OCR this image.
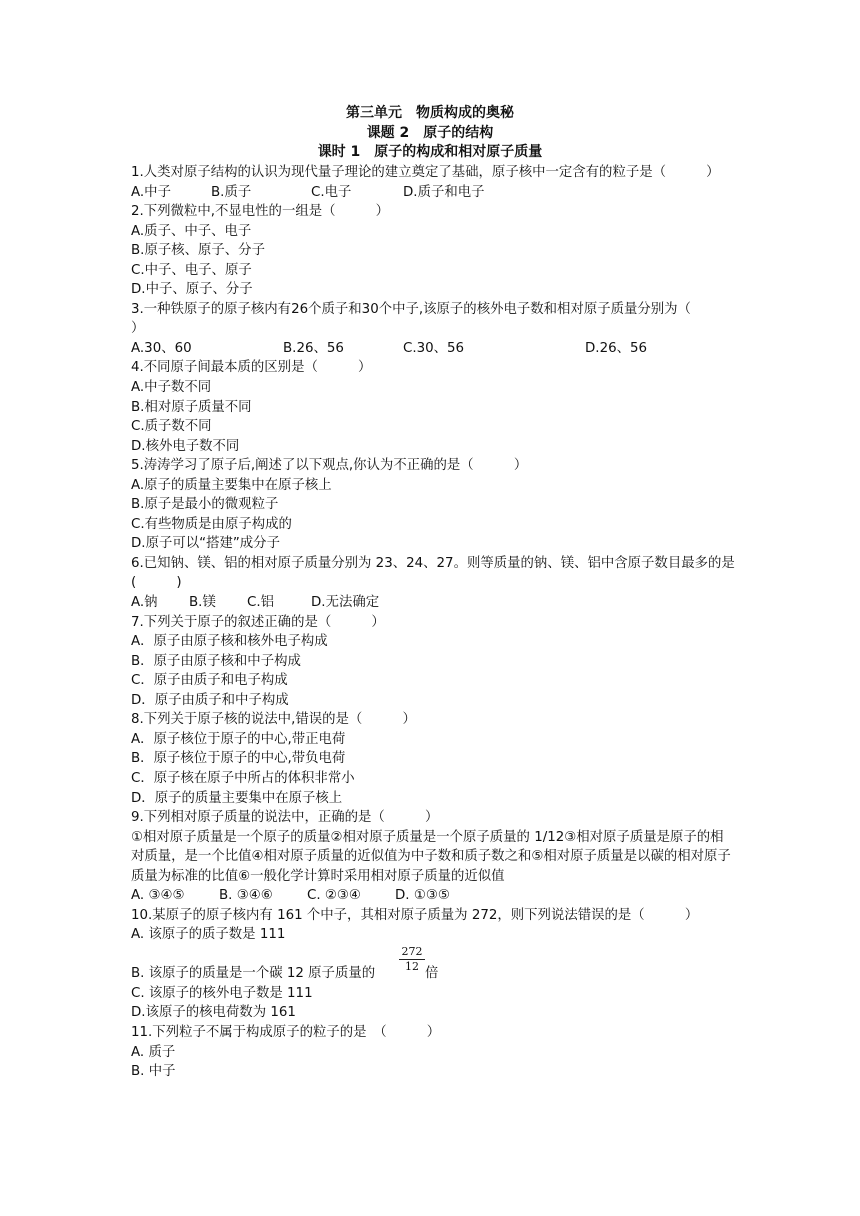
第三单元　物质构成的奥秘
课题 2　原子的结构
课时 1　原子的构成和相对原子质量
1.人类对原子结构的认识为现代量子理论的建立奠定了基础，原子核中一定含有的粒子是（　　　）
A.中子	B.质子	C.电子	D.质子和电子
2.下列微粒中,不显电性的一组是（　　　）
A.质子、中子、电子
B.原子核、原子、分子
C.中子、电子、原子
D.中子、原子、分子
3.一种铁原子的原子核内有26个质子和30个中子,该原子的核外电子数和相对原子质量分别为（　　　）
A.30、60	B.26、56	C.30、56	D.26、56
4.不同原子间最本质的区别是（　　　）
A.中子数不同
B.相对原子质量不同
C.质子数不同
D.核外电子数不同
5.涛涛学习了原子后,阐述了以下观点,你认为不正确的是（　　　）
A.原子的质量主要集中在原子核上
B.原子是最小的微观粒子
C.有些物质是由原子构成的
D.原子可以“搭建”成分子
6.已知钠、镁、铝的相对原子质量分别为 23、24、27。则等质量的钠、镁、铝中含原子数目最多的是(　　　)
A.钠 B.镁 C.铝	D.无法确定
7.下列关于原子的叙述正确的是（　　　）
A．原子由原子核和核外电子构成
B．原子由原子核和中子构成
C．原子由质子和电子构成
D．原子由质子和中子构成
8.下列关于原子核的说法中,错误的是（　　　）
A．原子核位于原子的中心,带正电荷
B．原子核位于原子的中心,带负电荷
C．原子核在原子中所占的体积非常小
D．原子的质量主要集中在原子核上
9.下列相对原子质量的说法中，正确的是（　　　）
①相对原子质量是一个原子的质量②相对原子质量是一个原子质量的 1/12③相对原子质量是原子的相对质量，是一个比值④相对原子质量的近似值为中子数和质子数之和⑤相对原子质量是以碳的相对原子质量为标准的比值⑥一般化学计算时采用相对原子质量的近似值
A. ③④⑤	B. ③④⑥	C. ②③④	D. ①③⑤
10.某原子的原子核内有 161 个中子，其相对原子质量为 272，则下列说法错误的是（　　　）
A. 该原子的质子数是 111
B. 该原子的质量是一个碳 12 原子质量的 $\frac{272}{12}$ 倍
C. 该原子的核外电子数是 111
D.该原子的核电荷数为 161
11.下列粒子不属于构成原子的粒子的是　（　　　）
A. 质子
B. 中子
